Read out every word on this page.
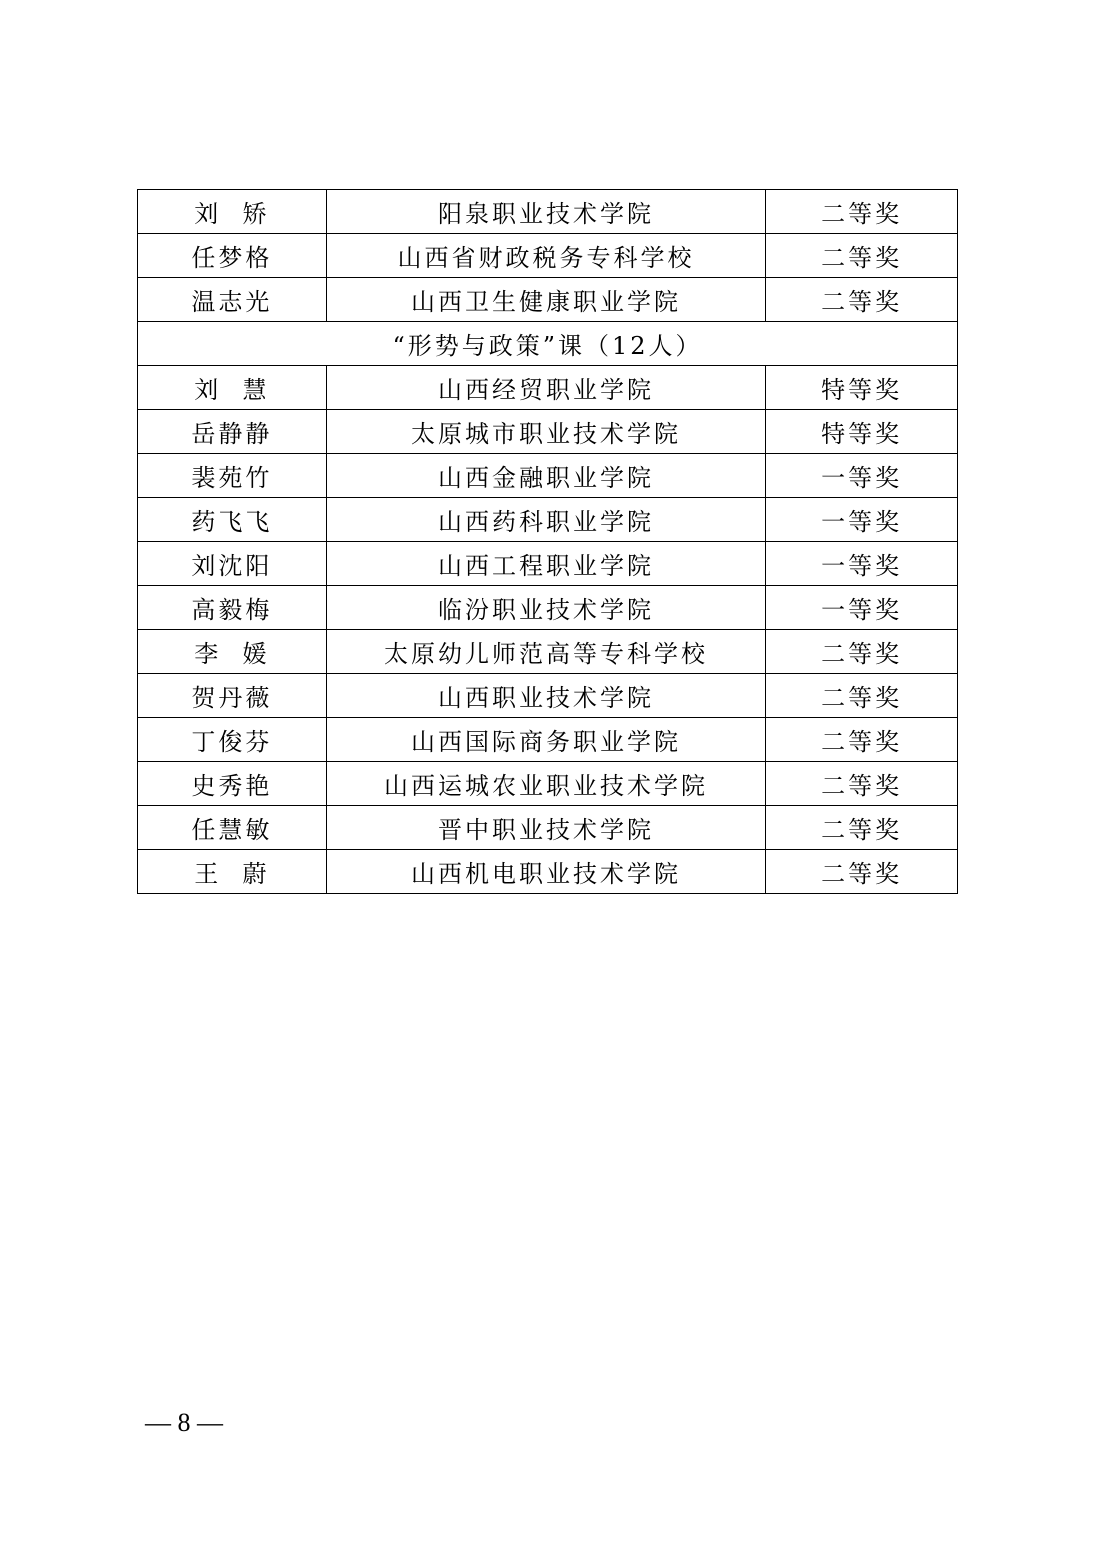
刘  矫	阳泉职业技术学院	二等奖
任梦格	山西省财政税务专科学校	二等奖
温志光	山西卫生健康职业学院	二等奖
“形势与政策”课（12人）		
刘  慧	山西经贸职业学院	特等奖
岳静静	太原城市职业技术学院	特等奖
裴苑竹	山西金融职业学院	一等奖
药飞飞	山西药科职业学院	一等奖
刘沈阳	山西工程职业学院	一等奖
高毅梅	临汾职业技术学院	一等奖
李  媛	太原幼儿师范高等专科学校	二等奖
贺丹薇	山西职业技术学院	二等奖
丁俊芬	山西国际商务职业学院	二等奖
史秀艳	山西运城农业职业技术学院	二等奖
任慧敏	晋中职业技术学院	二等奖
王  蔚	山西机电职业技术学院	二等奖
— 8 —
